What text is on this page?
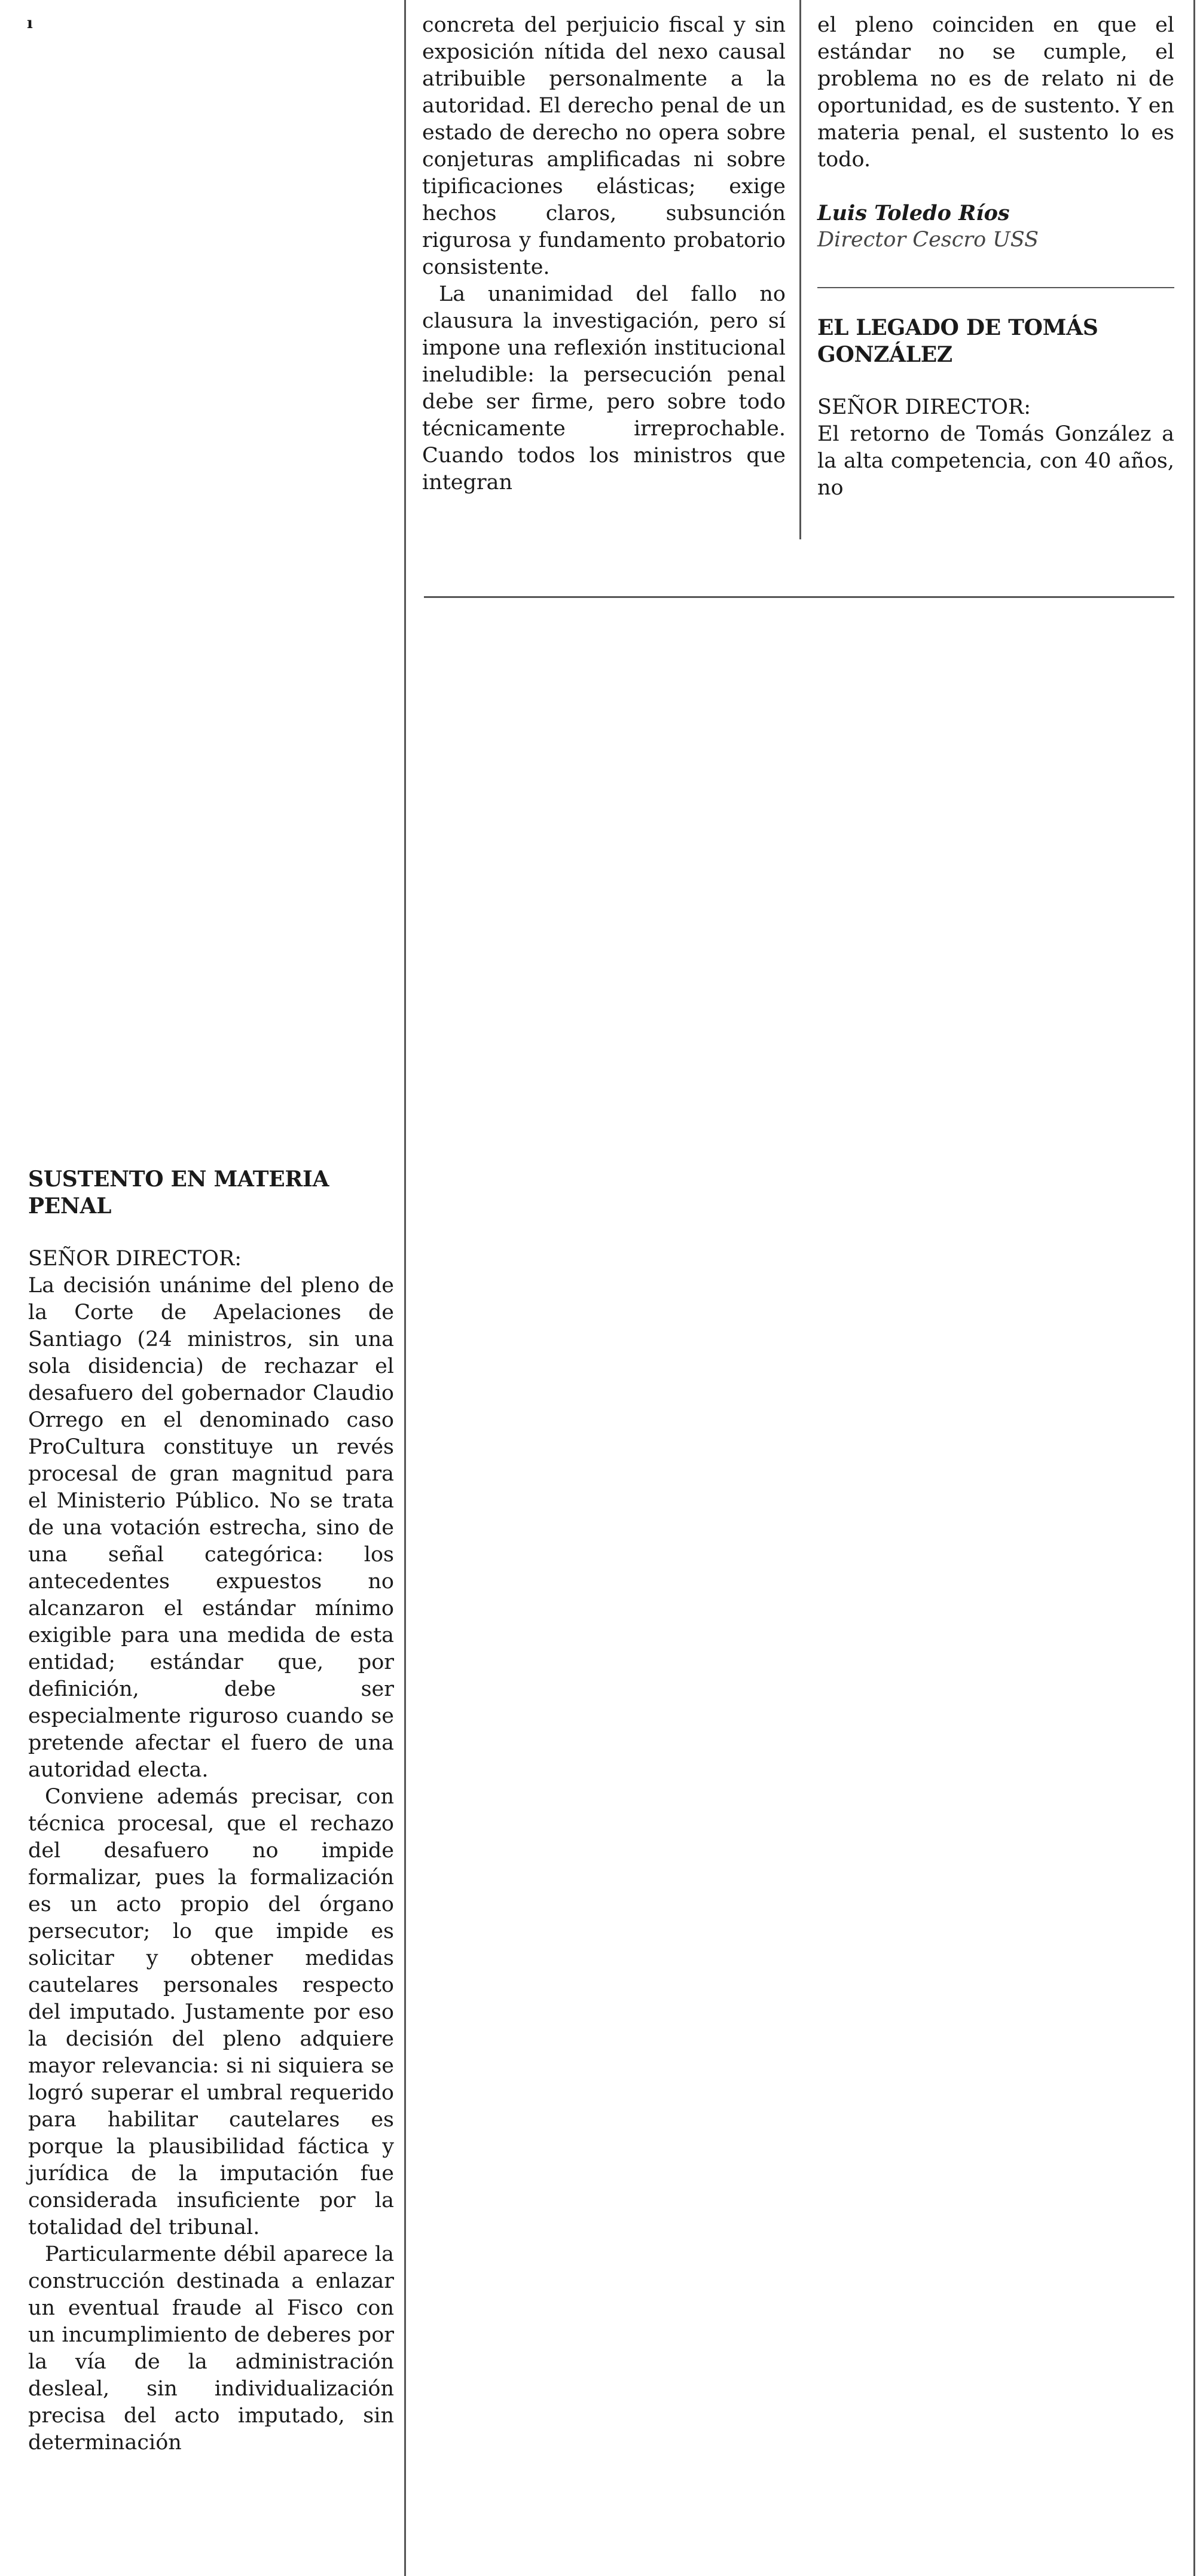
ı
SUSTENTO EN MATERIA PENAL
SEÑOR DIRECTOR:

La decisión unánime del pleno de la Corte de Apelaciones de Santiago (24 ministros, sin una sola disidencia) de rechazar el desafuero del gobernador Claudio Orrego en el denominado caso ProCultura constituye un revés procesal de gran magnitud para el Ministerio Público. No se trata de una votación estrecha, sino de una señal categórica: los antecedentes expuestos no alcanzaron el estándar mínimo exigible para una medida de esta entidad; estándar que, por definición, debe ser especialmente riguroso cuando se pretende afectar el fuero de una autoridad electa.

Conviene además precisar, con técnica procesal, que el rechazo del desafuero no impide formalizar, pues la formalización es un acto propio del órgano persecutor; lo que impide es solicitar y obtener medidas cautelares personales respecto del imputado. Justamente por eso la decisión del pleno adquiere mayor relevancia: si ni siquiera se logró superar el umbral requerido para habilitar cautelares es porque la plausibilidad fáctica y jurídica de la imputación fue considerada insuficiente por la totalidad del tribunal.

Particularmente débil aparece la construcción destinada a enlazar un eventual fraude al Fisco con un incumplimiento de deberes por la vía de la administración desleal, sin individualización precisa del acto imputado, sin determinación

concreta del perjuicio fiscal y sin exposición nítida del nexo causal atribuible personalmente a la autoridad. El derecho penal de un estado de derecho no opera sobre conjeturas amplificadas ni sobre tipificaciones elásticas; exige hechos claros, subsunción rigurosa y fundamento probatorio consistente.

La unanimidad del fallo no clausura la investigación, pero sí impone una reflexión institucional ineludible: la persecución penal debe ser firme, pero sobre todo técnicamente irreprochable. Cuando todos los ministros que integran

el pleno coinciden en que el estándar no se cumple, el problema no es de relato ni de oportunidad, es de sustento. Y en materia penal, el sustento lo es todo.

Luis Toledo Ríos
Director Cescro USS
EL LEGADO DE TOMÁS
GONZÁLEZ
SEÑOR DIRECTOR:

El retorno de Tomás González a la alta competencia, con 40 años, no
